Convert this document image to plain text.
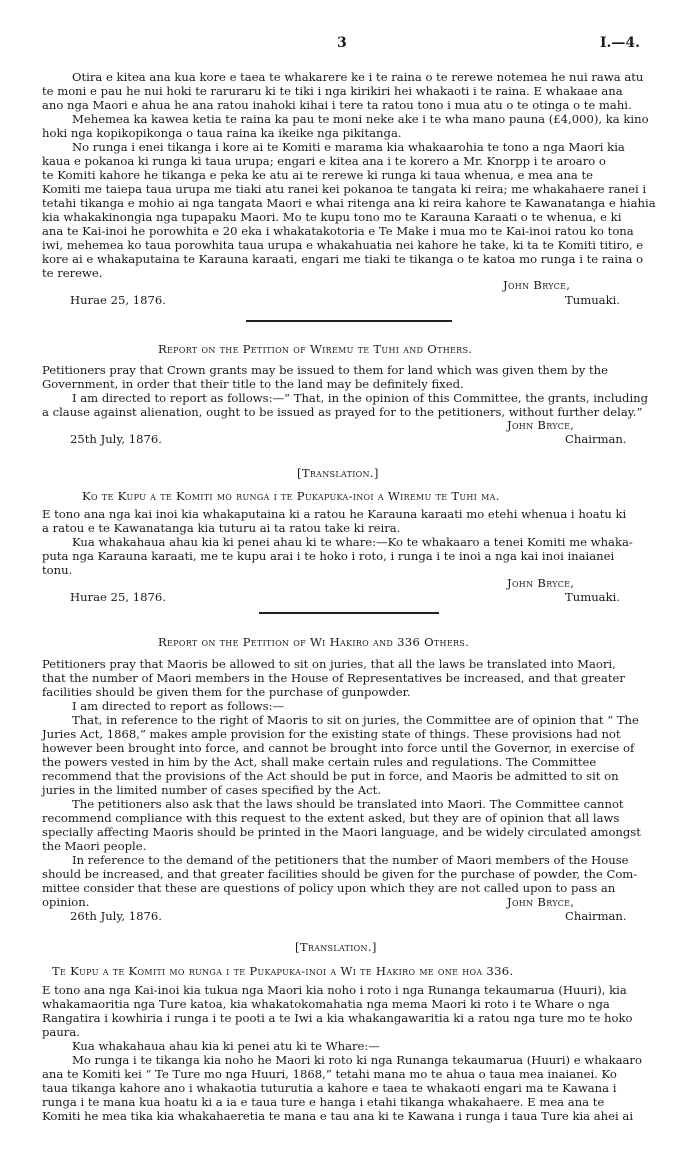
3	I.—4.
Otira e kitea ana kua kore e taea te whakarere ke i te raina o te rerewe notemea he nui rawa atu
te moni e pau he nui hoki te raruraru ki te tiki i nga kirikiri hei whakaoti i te raina. E whakaae ana
ano nga Maori e ahua he ana ratou inahoki kihai i tere ta ratou tono i mua atu o te otinga o te mahi.
Mehemea ka kawea ketia te raina ka pau te moni neke ake i te wha mano pauna (£4,000), ka kino
hoki nga kopikopikonga o taua raina ka ikeike nga pikitanga.
No runga i enei tikanga i kore ai te Komiti e marama kia whakaarohia te tono a nga Maori kia
kaua e pokanoa ki runga ki taua urupa; engari e kitea ana i te korero a Mr. Knorpp i te aroaro o
te Komiti kahore he tikanga e peka ke atu ai te rerewe ki runga ki taua whenua, e mea ana te
Komiti me taiepa taua urupa me tiaki atu ranei kei pokanoa te tangata ki reira; me whakahaere ranei i
tetahi tikanga e mohio ai nga tangata Maori e whai ritenga ana ki reira kahore te Kawanatanga e hiahia
kia whakakinongia nga tupapaku Maori. Mo te kupu tono mo te Karauna Karaati o te whenua, e ki
ana te Kai-inoi he porowhita e 20 eka i whakatakotoria e Te Make i mua mo te Kai-inoi ratou ko tona
iwi, mehemea ko taua porowhita taua urupa e whakahuatia nei kahore he take, ki ta te Komiti titiro, e
kore ai e whakaputaina te Karauna karaati, engari me tiaki te tikanga o te katoa mo runga i te raina o
te rerewe.
John Bryce,
Hurae 25, 1876.	Tumuaki.
Report on the Petition of Wiremu te Tuhi and Others.
Petitioners pray that Crown grants may be issued to them for land which was given them by the
Government, in order that their title to the land may be definitely fixed.
I am directed to report as follows:—“ That, in the opinion of this Committee, the grants, including
a clause against alienation, ought to be issued as prayed for to the petitioners, without further delay.”
John Bryce,
25th July, 1876.	Chairman.
[Translation.]
Ko te Kupu a te Komiti mo runga i te Pukapuka-inoi a Wiremu te Tuhi ma.
E tono ana nga kai inoi kia whakaputaina ki a ratou he Karauna karaati mo etehi whenua i hoatu ki
a ratou e te Kawanatanga kia tuturu ai ta ratou take ki reira.
Kua whakahaua ahau kia ki penei ahau ki te whare:—Ko te whakaaro a tenei Komiti me whaka-
puta nga Karauna karaati, me te kupu arai i te hoko i roto, i runga i te inoi a nga kai inoi inaianei
tonu.
John Bryce,
Hurae 25, 1876.	Tumuaki.
Report on the Petition of Wi Hakiro and 336 Others.
Petitioners pray that Maoris be allowed to sit on juries, that all the laws be translated into Maori,
that the number of Maori members in the House of Representatives be increased, and that greater
facilities should be given them for the purchase of gunpowder.
I am directed to report as follows:—
That, in reference to the right of Maoris to sit on juries, the Committee are of opinion that “ The
Juries Act, 1868,” makes ample provision for the existing state of things. These provisions had not
however been brought into force, and cannot be brought into force until the Governor, in exercise of
the powers vested in him by the Act, shall make certain rules and regulations. The Committee
recommend that the provisions of the Act should be put in force, and Maoris be admitted to sit on
juries in the limited number of cases specified by the Act.
The petitioners also ask that the laws should be translated into Maori. The Committee cannot
recommend compliance with this request to the extent asked, but they are of opinion that all laws
specially affecting Maoris should be printed in the Maori language, and be widely circulated amongst
the Maori people.
In reference to the demand of the petitioners that the number of Maori members of the House
should be increased, and that greater facilities should be given for the purchase of powder, the Com-
mittee consider that these are questions of policy upon which they are not called upon to pass an
opinion.	John Bryce,
26th July, 1876.	Chairman.
[Translation.]
Te Kupu a te Komiti mo runga i te Pukapuka-inoi a Wi te Hakiro me one hoa 336.
E tono ana nga Kai-inoi kia tukua nga Maori kia noho i roto i nga Runanga tekaumarua (Huuri), kia
whakamaoritia nga Ture katoa, kia whakatokomahatia nga mema Maori ki roto i te Whare o nga
Rangatira i kowhiria i runga i te pooti a te Iwi a kia whakangawaritia ki a ratou nga ture mo te hoko
paura.
Kua whakahaua ahau kia ki penei atu ki te Whare:—
Mo runga i te tikanga kia noho he Maori ki roto ki nga Runanga tekaumarua (Huuri) e whakaaro
ana te Komiti kei “ Te Ture mo nga Huuri, 1868,” tetahi mana mo te ahua o taua mea inaianei. Ko
taua tikanga kahore ano i whakaotia tuturutia a kahore e taea te whakaoti engari ma te Kawana i
runga i te mana kua hoatu ki a ia e taua ture e hanga i etahi tikanga whakahaere. E mea ana te
Komiti he mea tika kia whakahaeretia te mana e tau ana ki te Kawana i runga i taua Ture kia ahei ai
